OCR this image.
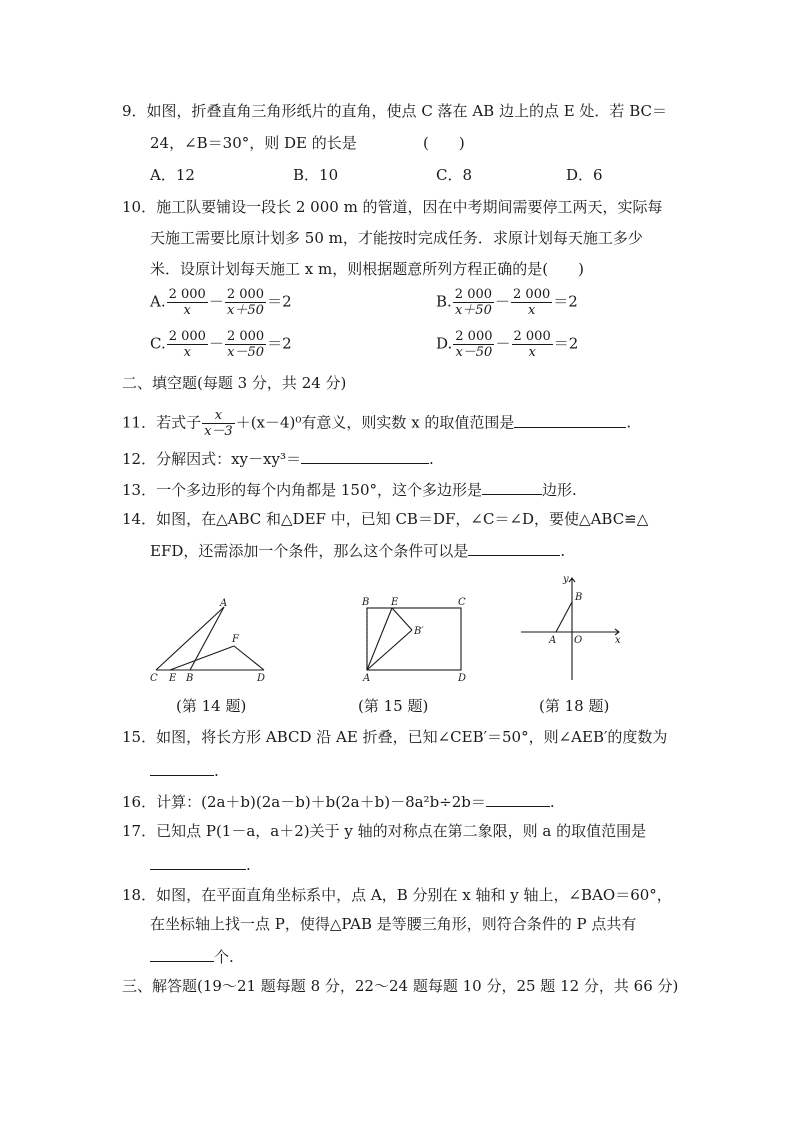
9．如图，折叠直角三角形纸片的直角，使点 C 落在 AB 边上的点 E 处．若 BC＝
24，∠B＝30°，则 DE 的长是	(　　)
A．12	B．10	C．8	D．6
10．施工队要铺设一段长 2 000 m 的管道，因在中考期间需要停工两天，实际每
天施工需要比原计划多 50 m，才能按时完成任务．求原计划每天施工多少
米．设原计划每天施工 x m，则根据题意所列方程正确的是(　　)
A. $\frac{2 000}{x} - \frac{2 000}{x+50} =2$	B. $\frac{2 000}{x+50} - \frac{2 000}{x} =2$
C. $\frac{2 000}{x} - \frac{2 000}{x-50} =2$	D. $\frac{2 000}{x-50} - \frac{2 000}{x} =2$
二、填空题(每题 3 分，共 24 分)
11．若式子 $\frac{x}{x-3} +(x-4)^0$有意义，则实数 x 的取值范围是	.
12．分解因式：xy－xy³＝	.
13．一个多边形的每个内角都是 150°，这个多边形是	边形.
14．如图，在△ABC 和△DEF 中，已知 CB＝DF，∠C＝∠D，要使△ABC≌△
EFD，还需添加一个条件，那么这个条件可以是	.
A
F
C E B	D
(第 14 题)
B E	C
B′
A	D
(第 15 题)
y
B
A O	x
(第 18 题)
15．如图，将长方形 ABCD 沿 AE 折叠，已知∠CEB′＝50°，则∠AEB′的度数为
.
16．计算：(2a＋b)(2a－b)＋b(2a＋b)－8a²b÷2b＝	.
17．已知点 P(1－a，a＋2)关于 y 轴的对称点在第二象限，则 a 的取值范围是
.
18．如图，在平面直角坐标系中，点 A，B 分别在 x 轴和 y 轴上，∠BAO＝60°，
在坐标轴上找一点 P，使得△PAB 是等腰三角形，则符合条件的 P 点共有
个.
三、解答题(19～21 题每题 8 分，22～24 题每题 10 分，25 题 12 分，共 66 分)
